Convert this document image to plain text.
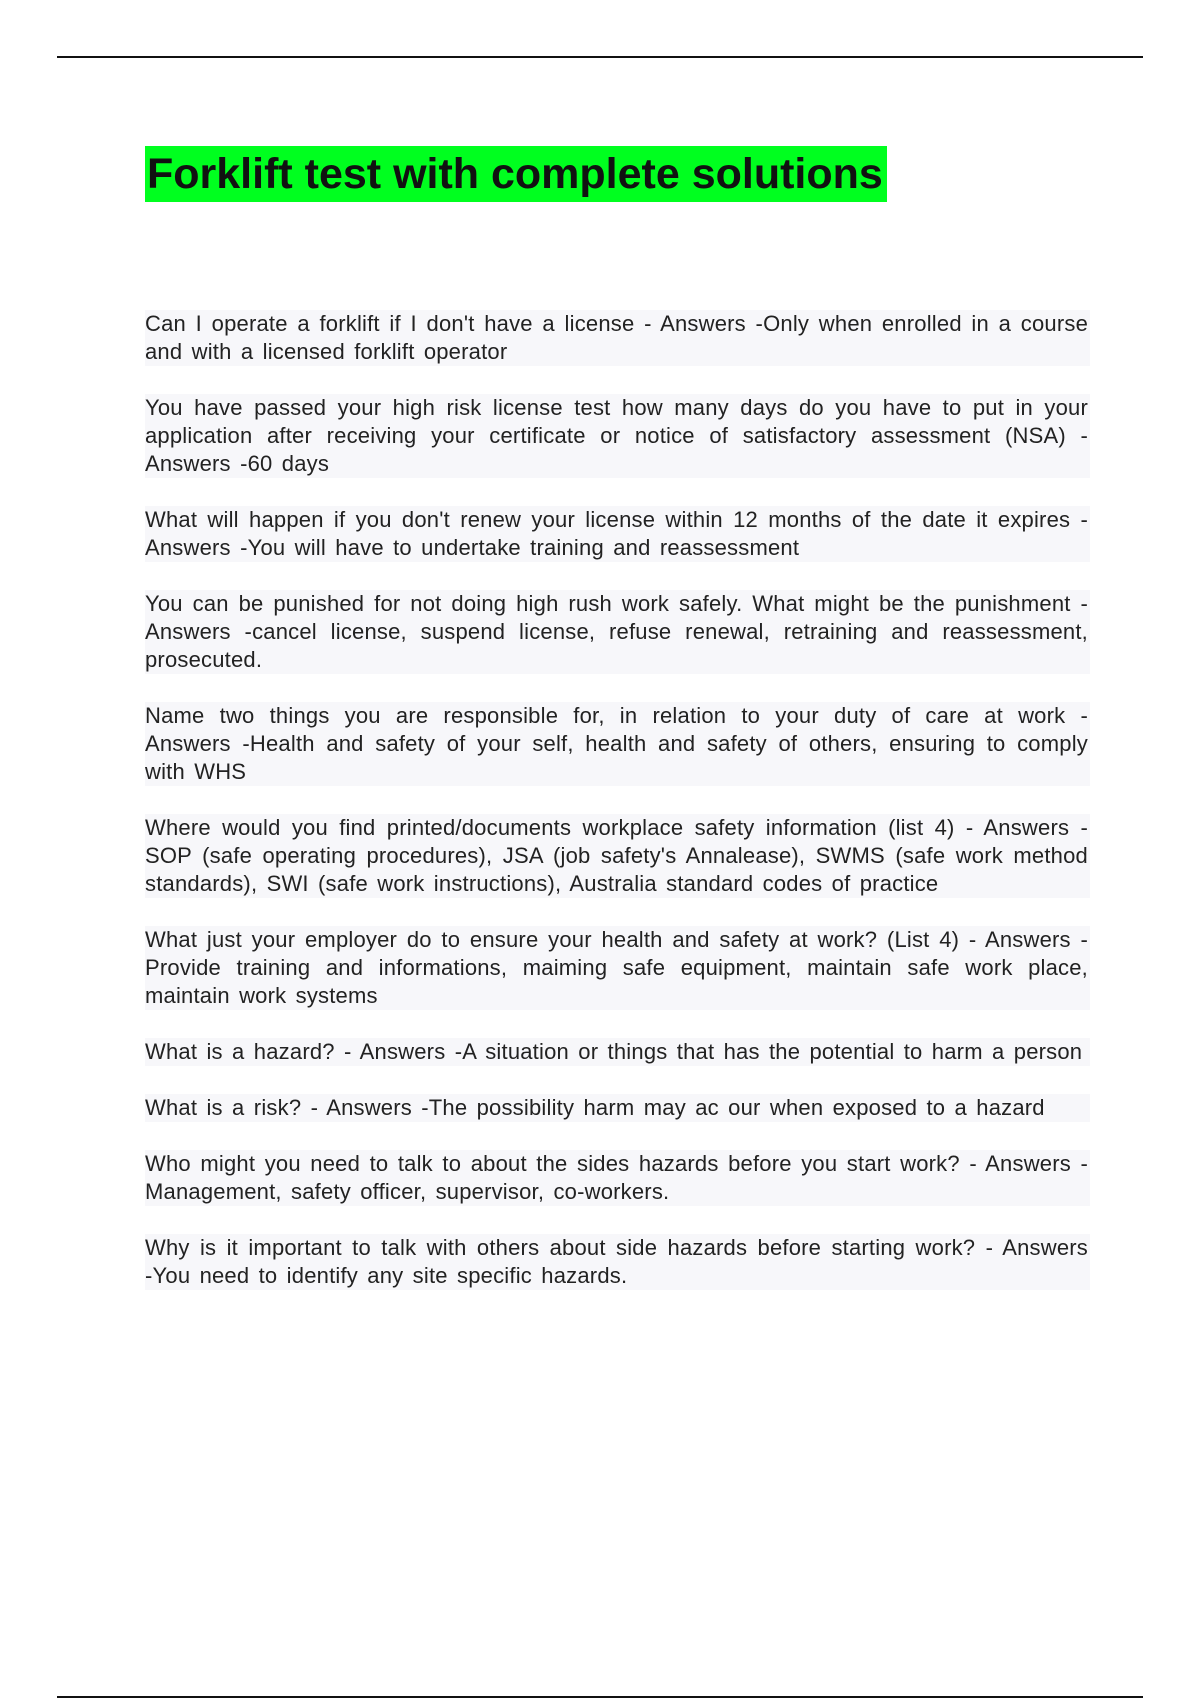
Forklift test with complete solutions
Can I operate a forklift if I don't have a license - Answers -Only when enrolled in a course and with a licensed forklift operator
You have passed your high risk license test how many days do you have to put in your application after receiving your certificate or notice of satisfactory assessment (NSA) - Answers -60 days
What will happen if you don't renew your license within 12 months of the date it expires - Answers -You will have to undertake training and reassessment
You can be punished for not doing high rush work safely. What might be the punishment - Answers -cancel license, suspend license, refuse renewal, retraining and reassessment, prosecuted.
Name two things you are responsible for, in relation to your duty of care at work - Answers -Health and safety of your self, health and safety of others, ensuring to comply with WHS
Where would you find printed/documents workplace safety information (list 4) - Answers -SOP (safe operating procedures), JSA (job safety's Annalease), SWMS (safe work method standards), SWI (safe work instructions), Australia standard codes of practice
What just your employer do to ensure your health and safety at work? (List 4) - Answers -Provide training and informations, maiming safe equipment, maintain safe work place, maintain work systems
What is a hazard? - Answers -A situation or things that has the potential to harm a person
What is a risk? - Answers -The possibility harm may ac our when exposed to a hazard
Who might you need to talk to about the sides hazards before you start work? - Answers -Management, safety officer, supervisor, co-workers.
Why is it important to talk with others about side hazards before starting work? - Answers -You need to identify any site specific hazards.
